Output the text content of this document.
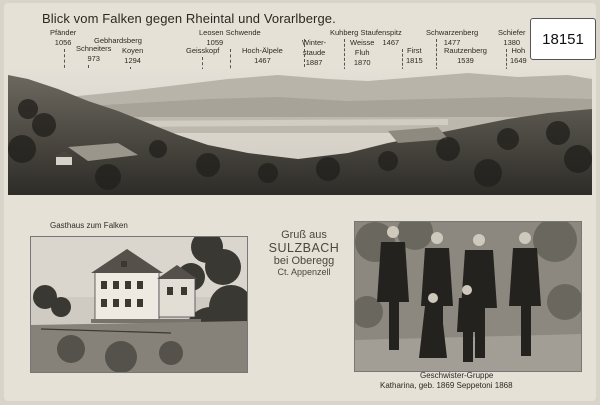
Blick vom Falken gegen Rheintal und Vorarlberge.
18151
Pfänder
1056
Schneiters
973
Gebhardsberg
Koyen
1294
Geisskopf
Leosen Schwende
1059
Hoch-Älpele
1467
Winter-
staude
1887
Kuhberg Staufenspitz
1467
Weisse
Fluh
1870
First
1815
Schwarzenberg
1477
Rautzenberg
1539
Schiefer
1380
Hoh
1649
Gasthaus zum Falken
Gruß aus
SULZBACH
bei Oberegg
Ct. Appenzell
Geschwister-Gruppe
Katharina, geb. 1869 Seppetoni 1868
